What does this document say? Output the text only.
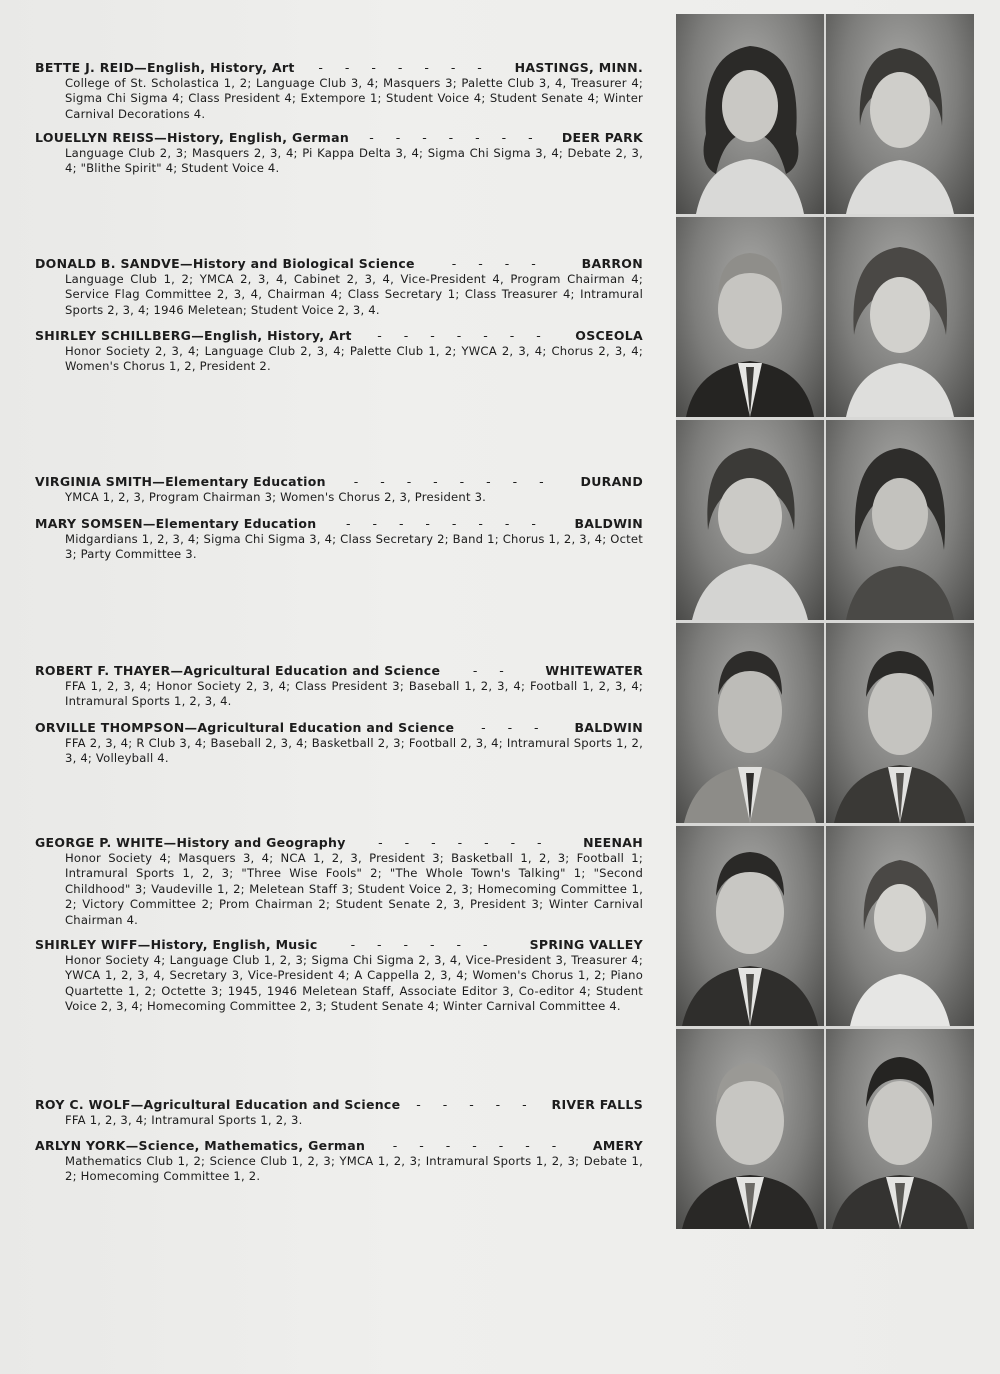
BETTE J. REID—English, History, Art	- - - - - - -	HASTINGS, MINN.
College of St. Scholastica 1, 2; Language Club 3, 4; Masquers 3; Palette Club 3, 4, Treasurer 4; Sigma Chi Sigma 4; Class President 4; Extempore 1; Student Voice 4; Student Senate 4; Winter Carnival Decorations 4.
LOUELLYN REISS—History, English, German	- - - - - - -	DEER PARK
Language Club 2, 3; Masquers 2, 3, 4; Pi Kappa Delta 3, 4; Sigma Chi Sigma 3, 4; Debate 2, 3, 4; "Blithe Spirit" 4; Student Voice 4.
DONALD B. SANDVE—History and Biological Science	- - - -	BARRON
Language Club 1, 2; YMCA 2, 3, 4, Cabinet 2, 3, 4, Vice-President 4, Program Chairman 4; Service Flag Committee 2, 3, 4, Chairman 4; Class Secretary 1; Class Treasurer 4; Intramural Sports 2, 3, 4; 1946 Meletean; Student Voice 2, 3, 4.
SHIRLEY SCHILLBERG—English, History, Art	- - - - - - -	OSCEOLA
Honor Society 2, 3, 4; Language Club 2, 3, 4; Palette Club 1, 2; YWCA 2, 3, 4; Chorus 2, 3, 4; Women's Chorus 1, 2, President 2.
VIRGINIA SMITH—Elementary Education	- - - - - - - -	DURAND
YMCA 1, 2, 3, Program Chairman 3; Women's Chorus 2, 3, President 3.
MARY SOMSEN—Elementary Education	- - - - - - - -	BALDWIN
Midgardians 1, 2, 3, 4; Sigma Chi Sigma 3, 4; Class Secretary 2; Band 1; Chorus 1, 2, 3, 4; Octet 3; Party Committee 3.
ROBERT F. THAYER—Agricultural Education and Science	- -	WHITEWATER
FFA 1, 2, 3, 4; Honor Society 2, 3, 4; Class President 3; Baseball 1, 2, 3, 4; Football 1, 2, 3, 4; Intramural Sports 1, 2, 3, 4.
ORVILLE THOMPSON—Agricultural Education and Science	- - -	BALDWIN
FFA 2, 3, 4; R Club 3, 4; Baseball 2, 3, 4; Basketball 2, 3; Football 2, 3, 4; Intramural Sports 1, 2, 3, 4; Volleyball 4.
GEORGE P. WHITE—History and Geography	- - - - - - -	NEENAH
Honor Society 4; Masquers 3, 4; NCA 1, 2, 3, President 3; Basketball 1, 2, 3; Football 1; Intramural Sports 1, 2, 3; "Three Wise Fools" 2; "The Whole Town's Talking" 1; "Second Childhood" 3; Vaudeville 1, 2; Meletean Staff 3; Student Voice 2, 3; Homecoming Committee 1, 2; Victory Committee 2; Prom Chairman 2; Student Senate 2, 3, President 3; Winter Carnival Chairman 4.
SHIRLEY WIFF—History, English, Music	- - - - - -	SPRING VALLEY
Honor Society 4; Language Club 1, 2, 3; Sigma Chi Sigma 2, 3, 4, Vice-President 3, Treasurer 4; YWCA 1, 2, 3, 4, Secretary 3, Vice-President 4; A Cappella 2, 3, 4; Women's Chorus 1, 2; Piano Quartette 1, 2; Octette 3; 1945, 1946 Meletean Staff, Associate Editor 3, Co-editor 4; Student Voice 2, 3, 4; Homecoming Committee 2, 3; Student Senate 4; Winter Carnival Committee 4.
ROY C. WOLF—Agricultural Education and Science	- - - - -	RIVER FALLS
FFA 1, 2, 3, 4; Intramural Sports 1, 2, 3.
ARLYN YORK—Science, Mathematics, German	- - - - - - -	AMERY
Mathematics Club 1, 2; Science Club 1, 2, 3; YMCA 1, 2, 3; Intramural Sports 1, 2, 3; Debate 1, 2; Homecoming Committee 1, 2.
